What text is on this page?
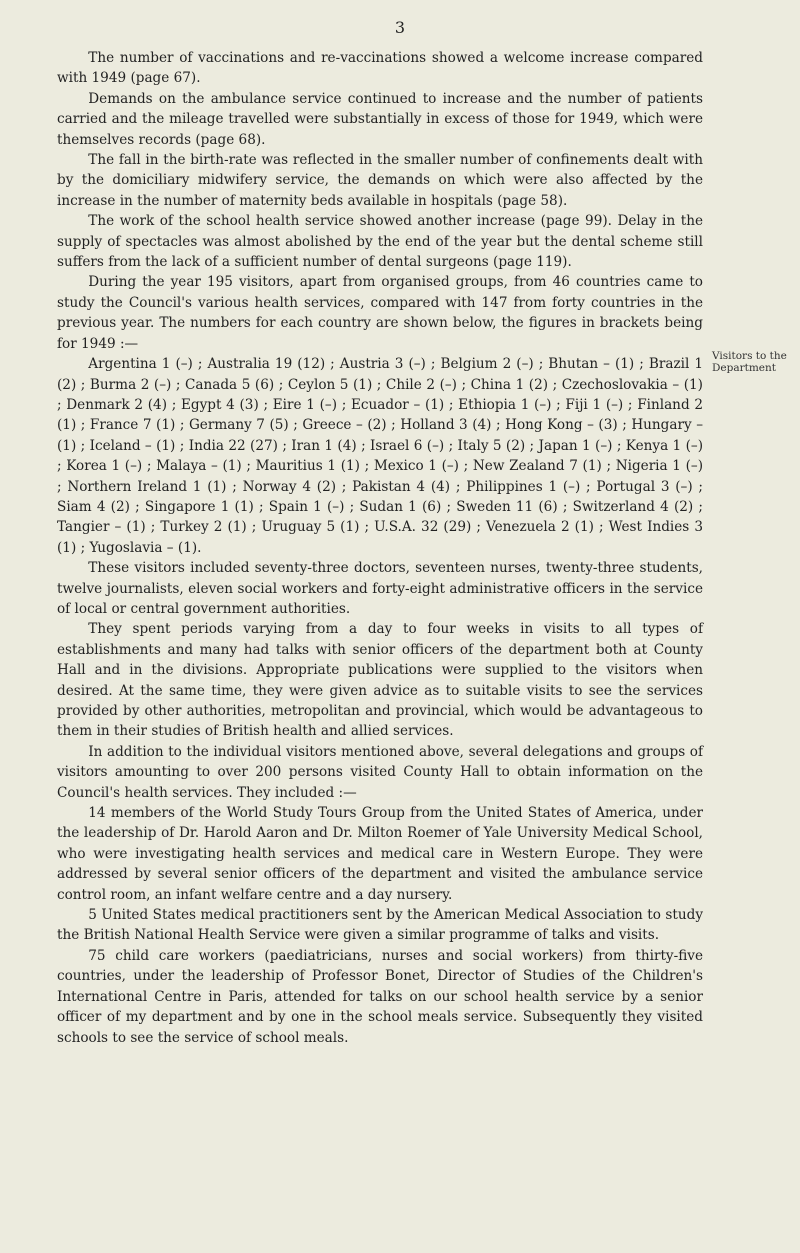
3
Visitors to the Department

The number of vaccinations and re-vaccinations showed a welcome increase compared with 1949 (page 67).

Demands on the ambulance service continued to increase and the number of patients carried and the mileage travelled were substantially in excess of those for 1949, which were themselves records (page 68).

The fall in the birth-rate was reflected in the smaller number of confinements dealt with by the domiciliary midwifery service, the demands on which were also affected by the increase in the number of maternity beds available in hospitals (page 58).

The work of the school health service showed another increase (page 99). Delay in the supply of spectacles was almost abolished by the end of the year but the dental scheme still suffers from the lack of a sufficient number of dental surgeons (page 119).

During the year 195 visitors, apart from organised groups, from 46 countries came to study the Council's various health services, compared with 147 from forty countries in the previous year. The numbers for each country are shown below, the figures in brackets being for 1949 :—

Argentina 1 (–) ; Australia 19 (12) ; Austria 3 (–) ; Belgium 2 (–) ; Bhutan – (1) ; Brazil 1 (2) ; Burma 2 (–) ; Canada 5 (6) ; Ceylon 5 (1) ; Chile 2 (–) ; China 1 (2) ; Czechoslovakia – (1) ; Denmark 2 (4) ; Egypt 4 (3) ; Eire 1 (–) ; Ecuador – (1) ; Ethiopia 1 (–) ; Fiji 1 (–) ; Finland 2 (1) ; France 7 (1) ; Germany 7 (5) ; Greece – (2) ; Holland 3 (4) ; Hong Kong – (3) ; Hungary – (1) ; Iceland – (1) ; India 22 (27) ; Iran 1 (4) ; Israel 6 (–) ; Italy 5 (2) ; Japan 1 (–) ; Kenya 1 (–) ; Korea 1 (–) ; Malaya – (1) ; Mauritius 1 (1) ; Mexico 1 (–) ; New Zealand 7 (1) ; Nigeria 1 (–) ; Northern Ireland 1 (1) ; Norway 4 (2) ; Pakistan 4 (4) ; Philippines 1 (–) ; Portugal 3 (–) ; Siam 4 (2) ; Singapore 1 (1) ; Spain 1 (–) ; Sudan 1 (6) ; Sweden 11 (6) ; Switzerland 4 (2) ; Tangier – (1) ; Turkey 2 (1) ; Uruguay 5 (1) ; U.S.A. 32 (29) ; Venezuela 2 (1) ; West Indies 3 (1) ; Yugoslavia – (1).

These visitors included seventy-three doctors, seventeen nurses, twenty-three students, twelve journalists, eleven social workers and forty-eight administrative officers in the service of local or central government authorities.

They spent periods varying from a day to four weeks in visits to all types of establishments and many had talks with senior officers of the department both at County Hall and in the divisions. Appropriate publications were supplied to the visitors when desired. At the same time, they were given advice as to suitable visits to see the services provided by other authorities, metropolitan and provincial, which would be advantageous to them in their studies of British health and allied services.

In addition to the individual visitors mentioned above, several delegations and groups of visitors amounting to over 200 persons visited County Hall to obtain information on the Council's health services. They included :—

14 members of the World Study Tours Group from the United States of America, under the leadership of Dr. Harold Aaron and Dr. Milton Roemer of Yale University Medical School, who were investigating health services and medical care in Western Europe. They were addressed by several senior officers of the department and visited the ambulance service control room, an infant welfare centre and a day nursery.

5 United States medical practitioners sent by the American Medical Association to study the British National Health Service were given a similar programme of talks and visits.

75 child care workers (paediatricians, nurses and social workers) from thirty-five countries, under the leadership of Professor Bonet, Director of Studies of the Children's International Centre in Paris, attended for talks on our school health service by a senior officer of my department and by one in the school meals service. Subsequently they visited schools to see the service of school meals.
